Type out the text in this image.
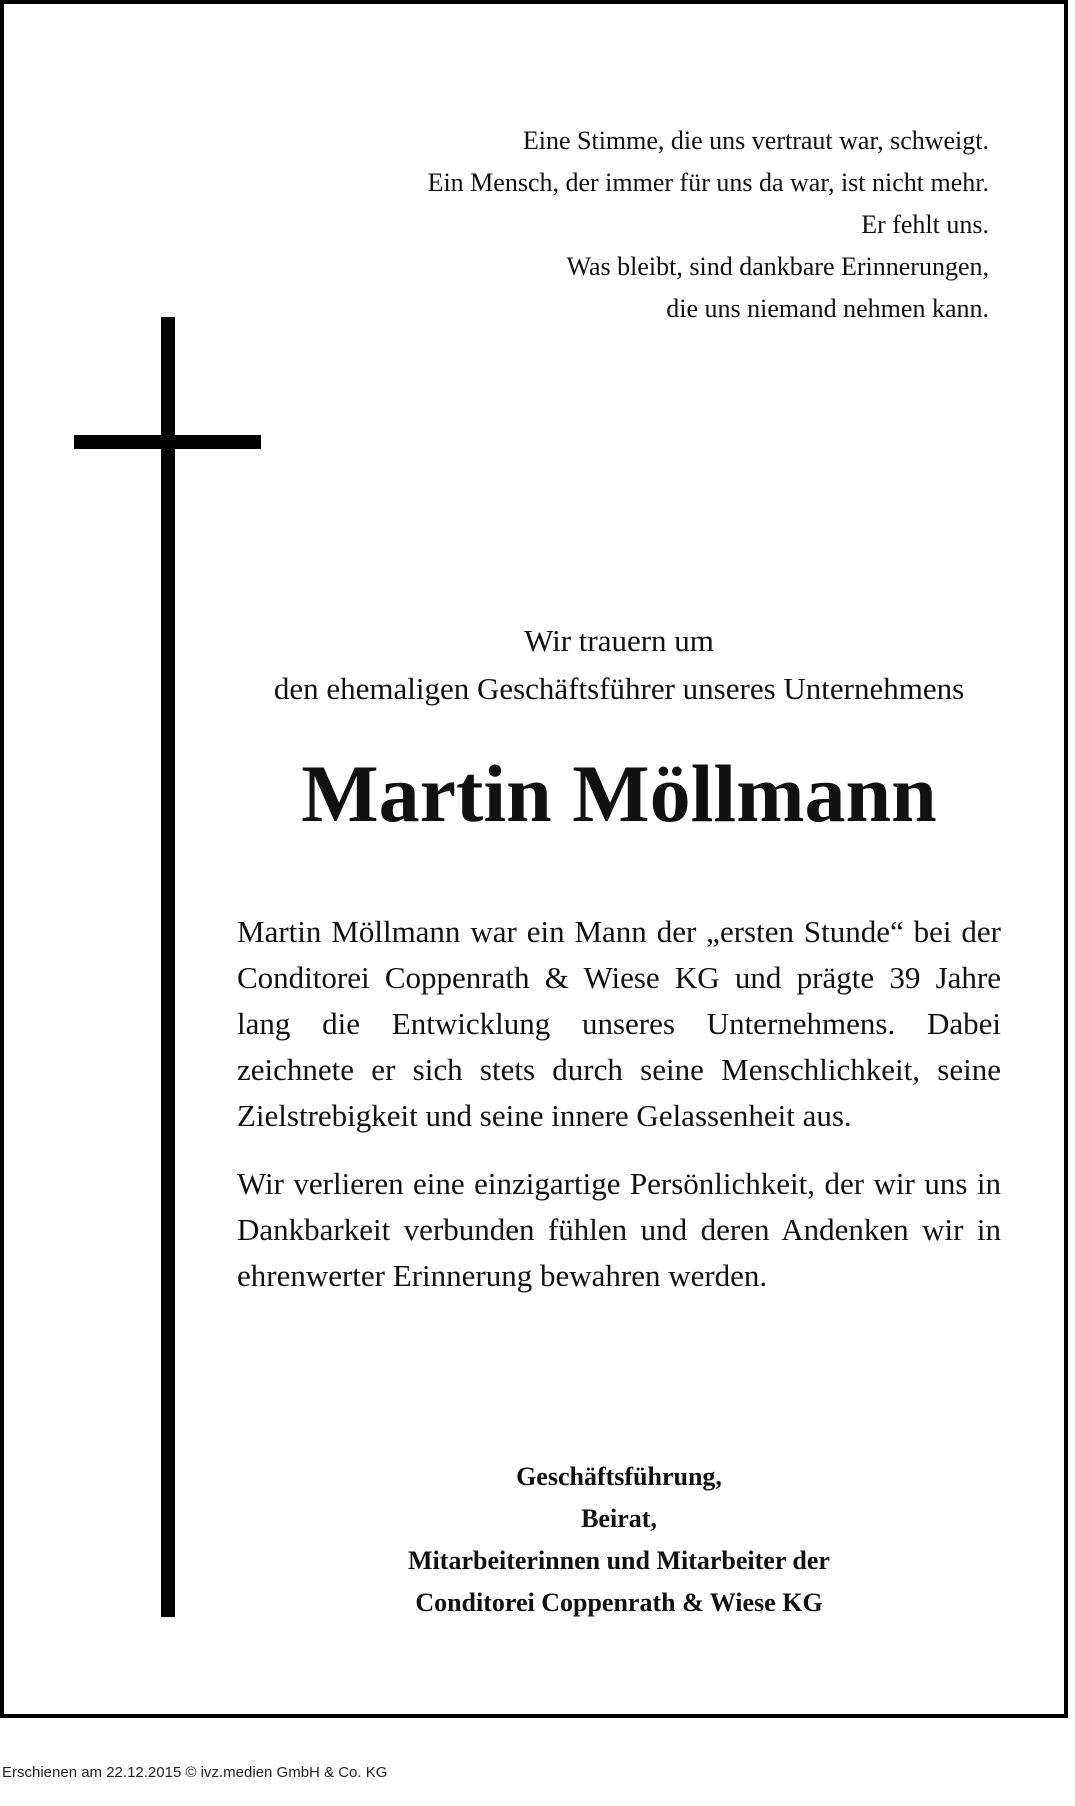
Eine Stimme, die uns vertraut war, schweigt.
Ein Mensch, der immer für uns da war, ist nicht mehr.
Er fehlt uns.
Was bleibt, sind dankbare Erinnerungen,
die uns niemand nehmen kann.
Wir trauern um
den ehemaligen Geschäftsführer unseres Unternehmens
Martin Möllmann

Martin Möllmann war ein Mann der „ersten Stunde“ bei der Conditorei Coppenrath & Wiese KG und prägte 39 Jahre lang die Entwicklung unseres Unternehmens. Dabei zeichnete er sich stets durch seine Menschlichkeit, seine Zielstrebigkeit und seine innere Gelassenheit aus.

Wir verlieren eine einzigartige Persönlichkeit, der wir uns in Dankbarkeit verbunden fühlen und deren Andenken wir in ehrenwerter Erinnerung bewahren werden.

Geschäftsführung,
Beirat,
Mitarbeiterinnen und Mitarbeiter der
Conditorei Coppenrath & Wiese KG
Erschienen am 22.12.2015 © ivz.medien GmbH & Co. KG
